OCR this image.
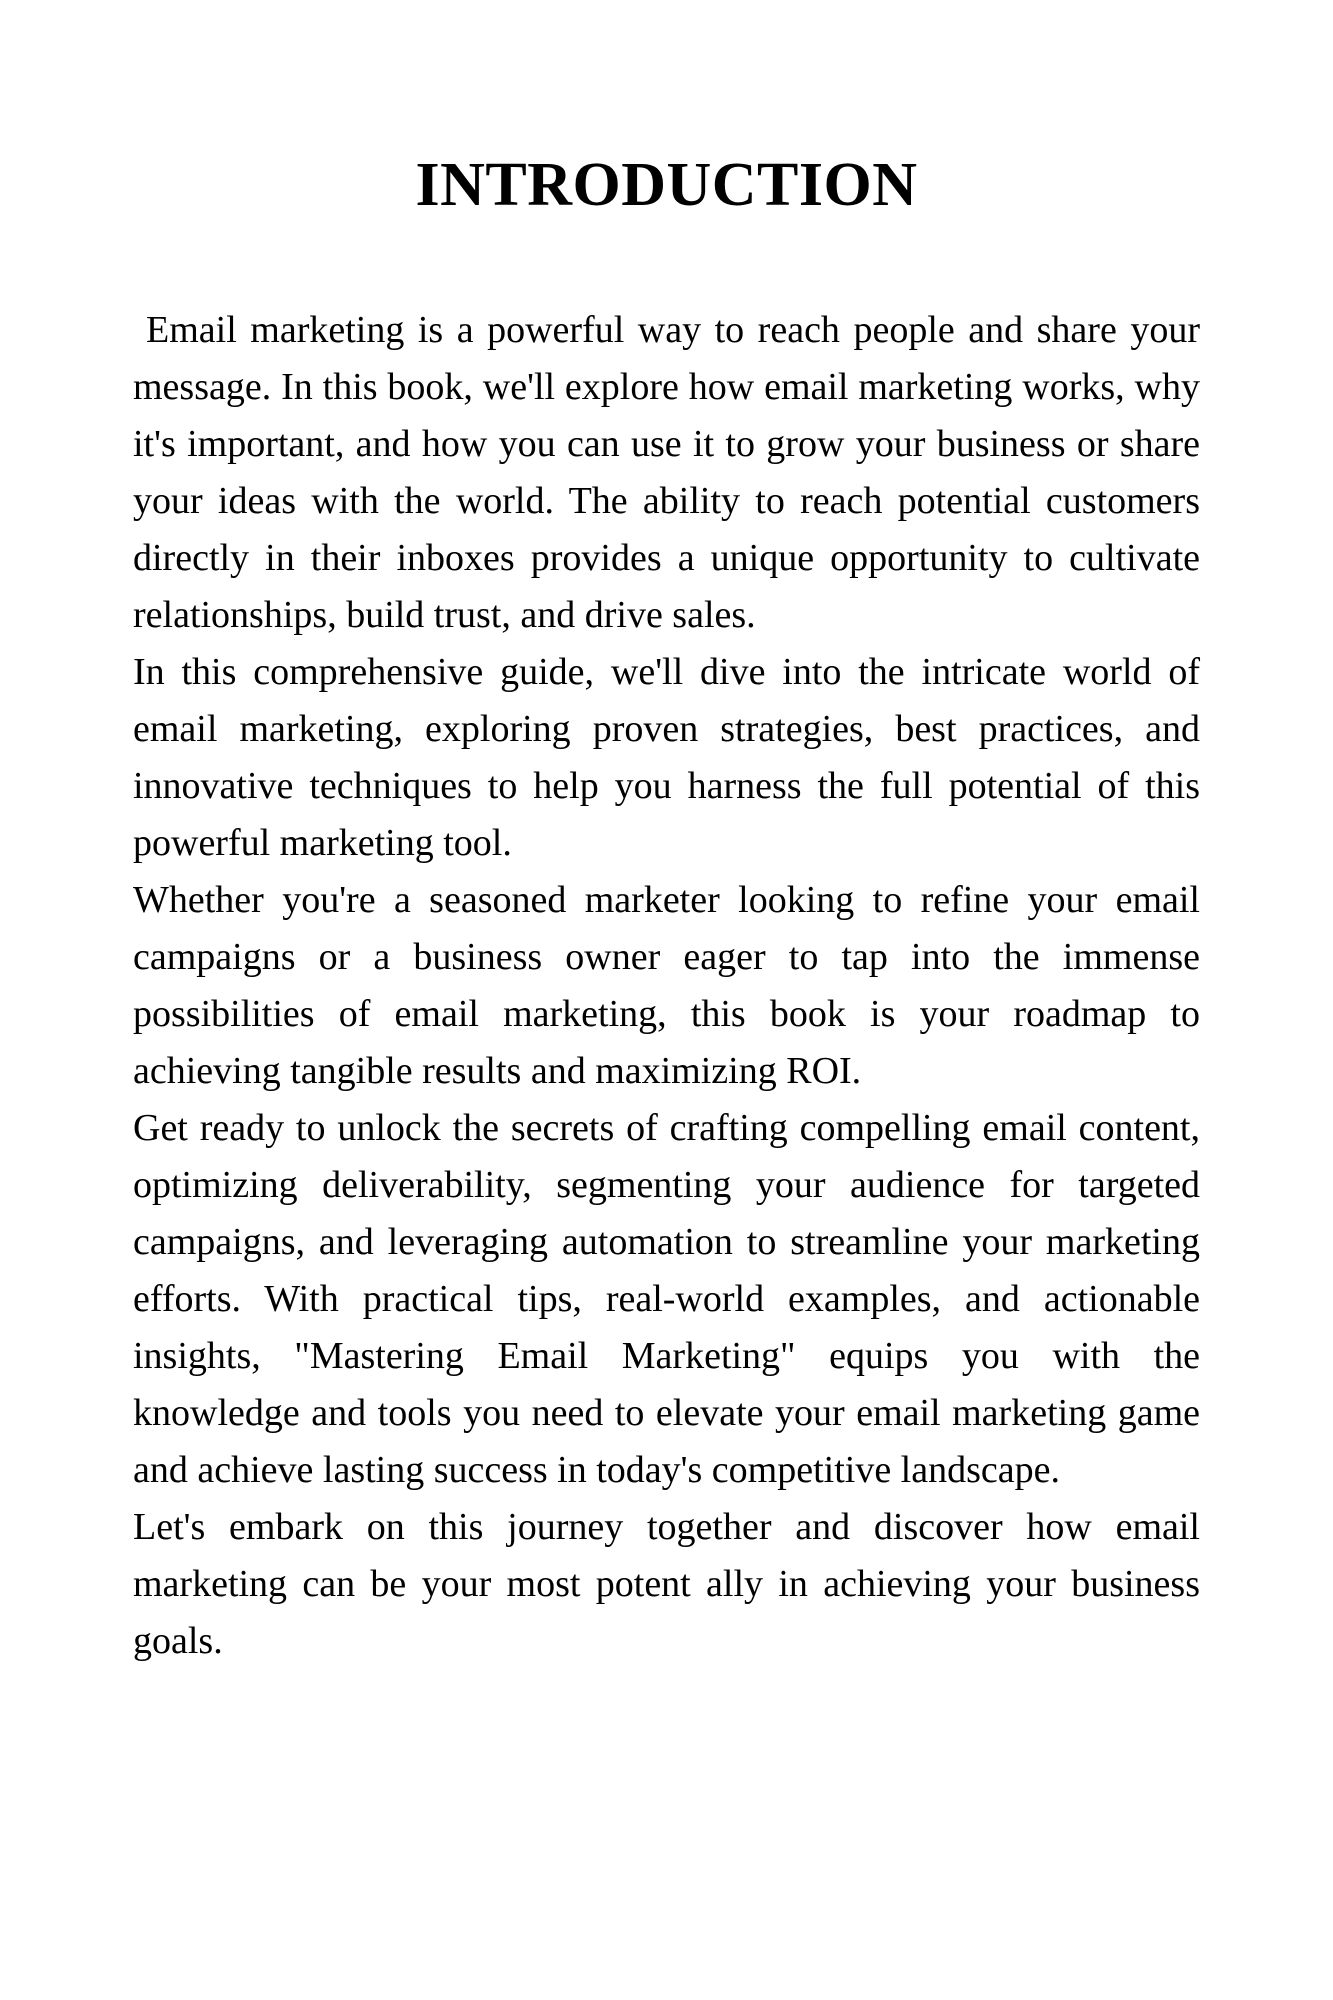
INTRODUCTION

Email marketing is a powerful way to reach people and share your message. In this book, we'll explore how email marketing works, why it's important, and how you can use it to grow your business or share your ideas with the world. The ability to reach potential customers directly in their inboxes provides a unique opportunity to cultivate relationships, build trust, and drive sales.

In this comprehensive guide, we'll dive into the intricate world of email marketing, exploring proven strategies, best practices, and innovative techniques to help you harness the full potential of this powerful marketing tool.

Whether you're a seasoned marketer looking to refine your email campaigns or a business owner eager to tap into the immense possibilities of email marketing, this book is your roadmap to achieving tangible results and maximizing ROI.

Get ready to unlock the secrets of crafting compelling email content, optimizing deliverability, segmenting your audience for targeted campaigns, and leveraging automation to streamline your marketing efforts. With practical tips, real-world examples, and actionable insights, "Mastering Email Marketing" equips you with the knowledge and tools you need to elevate your email marketing game and achieve lasting success in today's competitive landscape.

Let's embark on this journey together and discover how email marketing can be your most potent ally in achieving your business goals.
